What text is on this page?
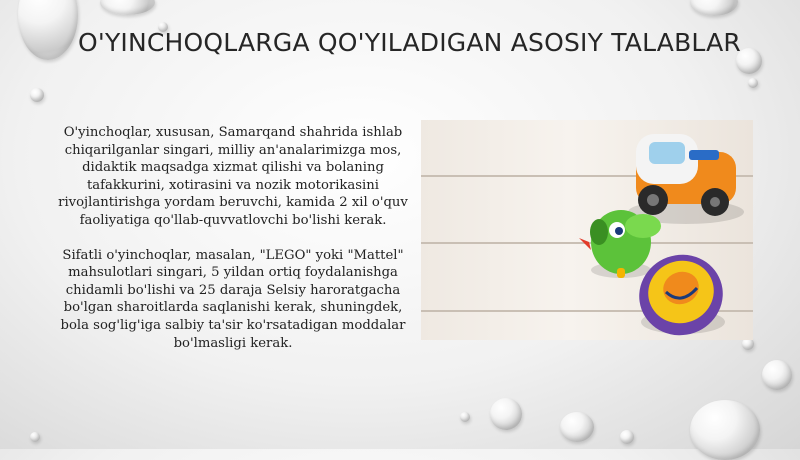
O'YINCHOQLARGA QO'YILADIGAN ASOSIY TALABLAR

O'yinchoqlar, xususan, Samarqand shahrida ishlab chiqarilganlar singari, milliy an'analarimizga mos, didaktik maqsadga xizmat qilishi va bolaning tafakkurini, xotirasini va nozik motorikasini rivojlantirishga yordam beruvchi, kamida 2 xil o'quv faoliyatiga qo'llab-quvvatlovchi bo'lishi kerak.

Sifatli o'yinchoqlar, masalan, "LEGO" yoki "Mattel" mahsulotlari singari, 5 yildan ortiq foydalanishga chidamli bo'lishi va 25 daraja Selsiy haroratgacha bo'lgan sharoitlarda saqlanishi kerak, shuningdek, bola sog'lig'iga salbiy ta'sir ko'rsatadigan moddalar bo'lmasligi kerak.
